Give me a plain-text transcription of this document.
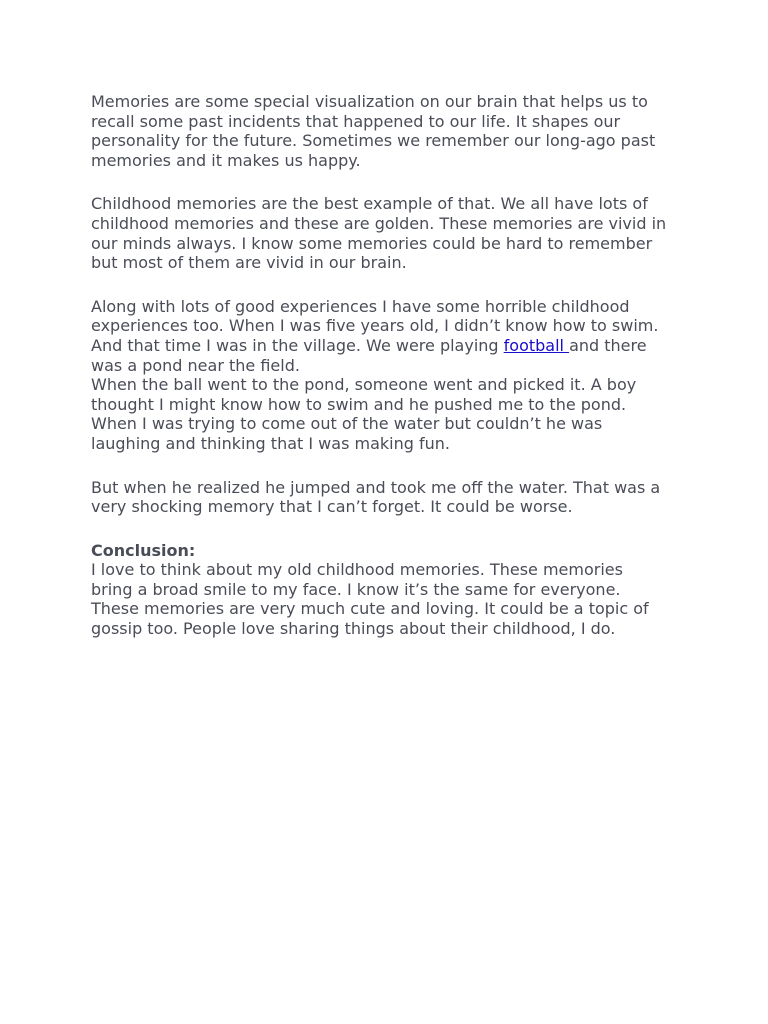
Memories are some special visualization on our brain that helps us to
recall some past incidents that happened to our life. It shapes our
personality for the future. Sometimes we remember our long-ago past
memories and it makes us happy.

Childhood memories are the best example of that. We all have lots of
childhood memories and these are golden. These memories are vivid in
our minds always. I know some memories could be hard to remember
but most of them are vivid in our brain.

Along with lots of good experiences I have some horrible childhood
experiences too. When I was five years old, I didn’t know how to swim.
And that time I was in the village. We were playing football and there
was a pond near the field.
When the ball went to the pond, someone went and picked it. A boy
thought I might know how to swim and he pushed me to the pond.
When I was trying to come out of the water but couldn’t he was
laughing and thinking that I was making fun.

But when he realized he jumped and took me off the water. That was a
very shocking memory that I can’t forget. It could be worse.

Conclusion:
I love to think about my old childhood memories. These memories
bring a broad smile to my face. I know it’s the same for everyone.
These memories are very much cute and loving. It could be a topic of
gossip too. People love sharing things about their childhood, I do.
